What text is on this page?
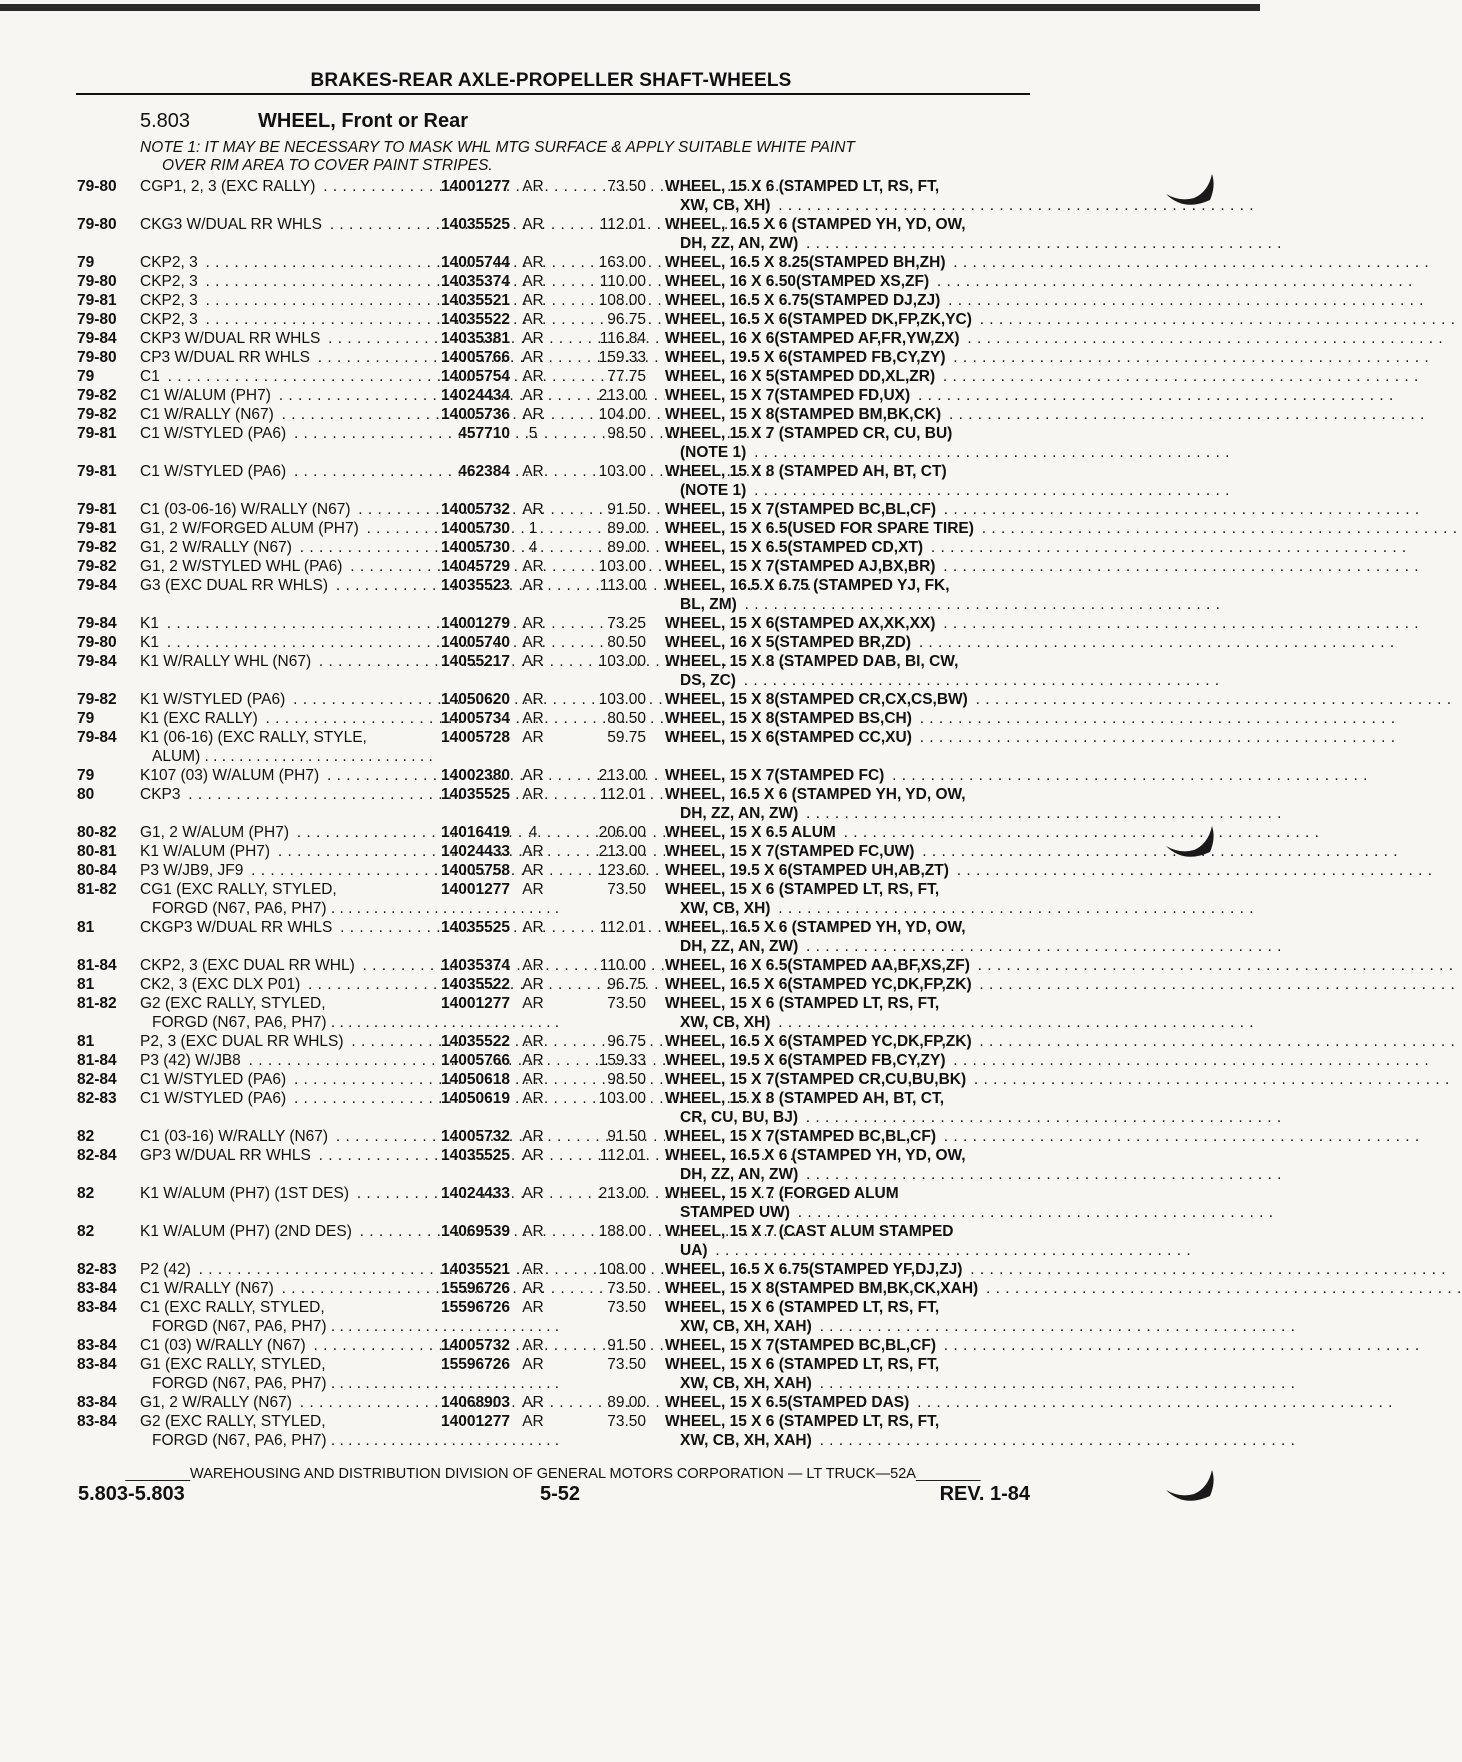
BRAKES-REAR AXLE-PROPELLER SHAFT-WHEELS
5.803	WHEEL, Front or Rear
NOTE 1: IT MAY BE NECESSARY TO MASK WHL MTG SURFACE & APPLY SUITABLE WHITE PAINT
OVER RIM AREA TO COVER PAINT STRIPES.
79-80 CGP1, 2, 3 (EXC RALLY) . . .	14001277 AR	73.50 WHEEL, 15 X 6 (STAMPED LT, RS, FT,
XW, CB, XH) . . .
79-80 CKG3 W/DUAL RR WHLS . . .	14035525 AR	112.01 WHEEL, 16.5 X 6 (STAMPED YH, YD, OW,
DH, ZZ, AN, ZW) . . .
79	CKP2, 3 . . .	14005744 AR	163.00 WHEEL, 16.5 X 8.25(STAMPED BH,ZH) . . .
79-80 CKP2, 3 . . .	14035374 AR	110.00 WHEEL, 16 X 6.50(STAMPED XS,ZF) . . .
79-81 CKP2, 3 . . .	14035521 AR	108.00 WHEEL, 16.5 X 6.75(STAMPED DJ,ZJ) . . .
79-80 CKP2, 3 . . .	14035522 AR	96.75 WHEEL, 16.5 X 6(STAMPED DK,FP,ZK,YC) . . .
79-84 CKP3 W/DUAL RR WHLS . . .	14035381 AR	116.84 WHEEL, 16 X 6(STAMPED AF,FR,YW,ZX) . . .
79-80 CP3 W/DUAL RR WHLS . . .	14005766 AR	159.33 WHEEL, 19.5 X 6(STAMPED FB,CY,ZY) . . .
79	C1 . . .	14005754 AR	77.75 WHEEL, 16 X 5(STAMPED DD,XL,ZR) . . .
79-82 C1 W/ALUM (PH7) . . .	14024434 AR	213.00 WHEEL, 15 X 7(STAMPED FD,UX) . . .
79-82 C1 W/RALLY (N67) . . .	14005736 AR	104.00 WHEEL, 15 X 8(STAMPED BM,BK,CK) . . .
79-81 C1 W/STYLED (PA6) . . .	457710	5	98.50 WHEEL, 15 X 7 (STAMPED CR, CU, BU)
(NOTE 1) . . .
79-81 C1 W/STYLED (PA6) . . .	462384 AR	103.00 WHEEL, 15 X 8 (STAMPED AH, BT, CT)
(NOTE 1) . . .
79-81 C1 (03-06-16) W/RALLY (N67) . . .	14005732 AR	91.50 WHEEL, 15 X 7(STAMPED BC,BL,CF) . . .
79-81 G1, 2 W/FORGED ALUM (PH7) . . .	14005730	1	89.00 WHEEL, 15 X 6.5(USED FOR SPARE TIRE) . . .
79-82 G1, 2 W/RALLY (N67) . . .	14005730	4	89.00 WHEEL, 15 X 6.5(STAMPED CD,XT) . . .
79-82 G1, 2 W/STYLED WHL (PA6) . . .	14045729 AR	103.00 WHEEL, 15 X 7(STAMPED AJ,BX,BR) . . .
79-84 G3 (EXC DUAL RR WHLS) . . .	14035523 AR	113.00 WHEEL, 16.5 X 6.75 (STAMPED YJ, FK,
BL, ZM) . . .
79-84 K1 . . .	14001279 AR	73.25 WHEEL, 15 X 6(STAMPED AX,XK,XX) . . .
79-80 K1 . . .	14005740 AR	80.50 WHEEL, 16 X 5(STAMPED BR,ZD) . . .
79-84 K1 W/RALLY WHL (N67) . . .	14055217 AR	103.00 WHEEL, 15 X 8 (STAMPED DAB, BI, CW,
DS, ZC) . . .
79-82 K1 W/STYLED (PA6) . . .	14050620 AR	103.00 WHEEL, 15 X 8(STAMPED CR,CX,CS,BW) . . .
79	K1 (EXC RALLY) . . .	14005734 AR	80.50 WHEEL, 15 X 8(STAMPED BS,CH) . . .
79-84 K1 (06-16) (EXC RALLY, STYLE,
ALUM) . . . . . . . . . . . . . . . . . . . . . . . . . . .
14005728 AR	59.75 WHEEL, 15 X 6(STAMPED CC,XU) . . .
79	K107 (03) W/ALUM (PH7) . . .	14002380 AR	213.00 WHEEL, 15 X 7(STAMPED FC) . . .
80	CKP3 . . .	14035525 AR	112.01 WHEEL, 16.5 X 6 (STAMPED YH, YD, OW,
DH, ZZ, AN, ZW) . . .
80-82 G1, 2 W/ALUM (PH7) . . .	14016419	4	206.00 WHEEL, 15 X 6.5 ALUM . . .
80-81 K1 W/ALUM (PH7) . . .	14024433 AR	213.00 WHEEL, 15 X 7(STAMPED FC,UW) . . .
80-84 P3 W/JB9, JF9 . . .	14005758 AR	123.60 WHEEL, 19.5 X 6(STAMPED UH,AB,ZT) . . .
81-82 CG1 (EXC RALLY, STYLED,
FORGD (N67, PA6, PH7) . . . . . . . . . . . . . . . . . . . . . . . . . . .
14001277 AR	73.50 WHEEL, 15 X 6 (STAMPED LT, RS, FT,
XW, CB, XH) . . .
81	CKGP3 W/DUAL RR WHLS . . .	14035525 AR	112.01 WHEEL, 16.5 X 6 (STAMPED YH, YD, OW,
DH, ZZ, AN, ZW) . . .
81-84 CKP2, 3 (EXC DUAL RR WHL) . . .	14035374 AR	110.00 WHEEL, 16 X 6.5(STAMPED AA,BF,XS,ZF) . . .
81	CK2, 3 (EXC DLX P01) . . .	14035522 AR	96.75 WHEEL, 16.5 X 6(STAMPED YC,DK,FP,ZK) . . .
81-82 G2 (EXC RALLY, STYLED,
FORGD (N67, PA6, PH7) . . . . . . . . . . . . . . . . . . . . . . . . . . .
14001277 AR	73.50 WHEEL, 15 X 6 (STAMPED LT, RS, FT,
XW, CB, XH) . . .
81	P2, 3 (EXC DUAL RR WHLS) . . .	14035522 AR	96.75 WHEEL, 16.5 X 6(STAMPED YC,DK,FP,ZK) . . .
81-84 P3 (42) W/JB8 . . .	14005766 AR	159.33 WHEEL, 19.5 X 6(STAMPED FB,CY,ZY) . . .
82-84 C1 W/STYLED (PA6) . . .	14050618 AR	98.50 WHEEL, 15 X 7(STAMPED CR,CU,BU,BK) . . .
82-83 C1 W/STYLED (PA6) . . .	14050619 AR	103.00 WHEEL, 15 X 8 (STAMPED AH, BT, CT,
CR, CU, BU, BJ) . . .
82	C1 (03-16) W/RALLY (N67) . . .	14005732 AR	91.50 WHEEL, 15 X 7(STAMPED BC,BL,CF) . . .
82-84 GP3 W/DUAL RR WHLS . . .	14035525 AR	112.01 WHEEL, 16.5 X 6 (STAMPED YH, YD, OW,
DH, ZZ, AN, ZW) . . .
82	K1 W/ALUM (PH7) (1ST DES) . . .	14024433 AR	213.00 WHEEL, 15 X 7 (FORGED ALUM
STAMPED UW) . . .
82	K1 W/ALUM (PH7) (2ND DES) . . .	14069539 AR	188.00 WHEEL, 15 X 7 (CAST ALUM STAMPED
UA) . . .
82-83 P2 (42) . . .	14035521 AR	108.00 WHEEL, 16.5 X 6.75(STAMPED YF,DJ,ZJ) . . .
83-84 C1 W/RALLY (N67) . . .	15596726 AR	73.50 WHEEL, 15 X 8(STAMPED BM,BK,CK,XAH) . . .
83-84 C1 (EXC RALLY, STYLED,
FORGD (N67, PA6, PH7) . . . . . . . . . . . . . . . . . . . . . . . . . . .
15596726 AR	73.50 WHEEL, 15 X 6 (STAMPED LT, RS, FT,
XW, CB, XH, XAH) . . .
83-84 C1 (03) W/RALLY (N67) . . .	14005732 AR	91.50 WHEEL, 15 X 7(STAMPED BC,BL,CF) . . .
83-84 G1 (EXC RALLY, STYLED,
FORGD (N67, PA6, PH7) . . . . . . . . . . . . . . . . . . . . . . . . . . .
15596726 AR	73.50 WHEEL, 15 X 6 (STAMPED LT, RS, FT,
XW, CB, XH, XAH) . . .
83-84 G1, 2 W/RALLY (N67) . . .	14068903 AR	89.00 WHEEL, 15 X 6.5(STAMPED DAS) . . .
83-84 G2 (EXC RALLY, STYLED,
FORGD (N67, PA6, PH7) . . . . . . . . . . . . . . . . . . . . . . . . . . .
14001277 AR	73.50 WHEEL, 15 X 6 (STAMPED LT, RS, FT,
XW, CB, XH, XAH) . . .
________WAREHOUSING AND DISTRIBUTION DIVISION OF GENERAL MOTORS CORPORATION — LT TRUCK—52A________
5.803-5.803	5-52	REV. 1-84
